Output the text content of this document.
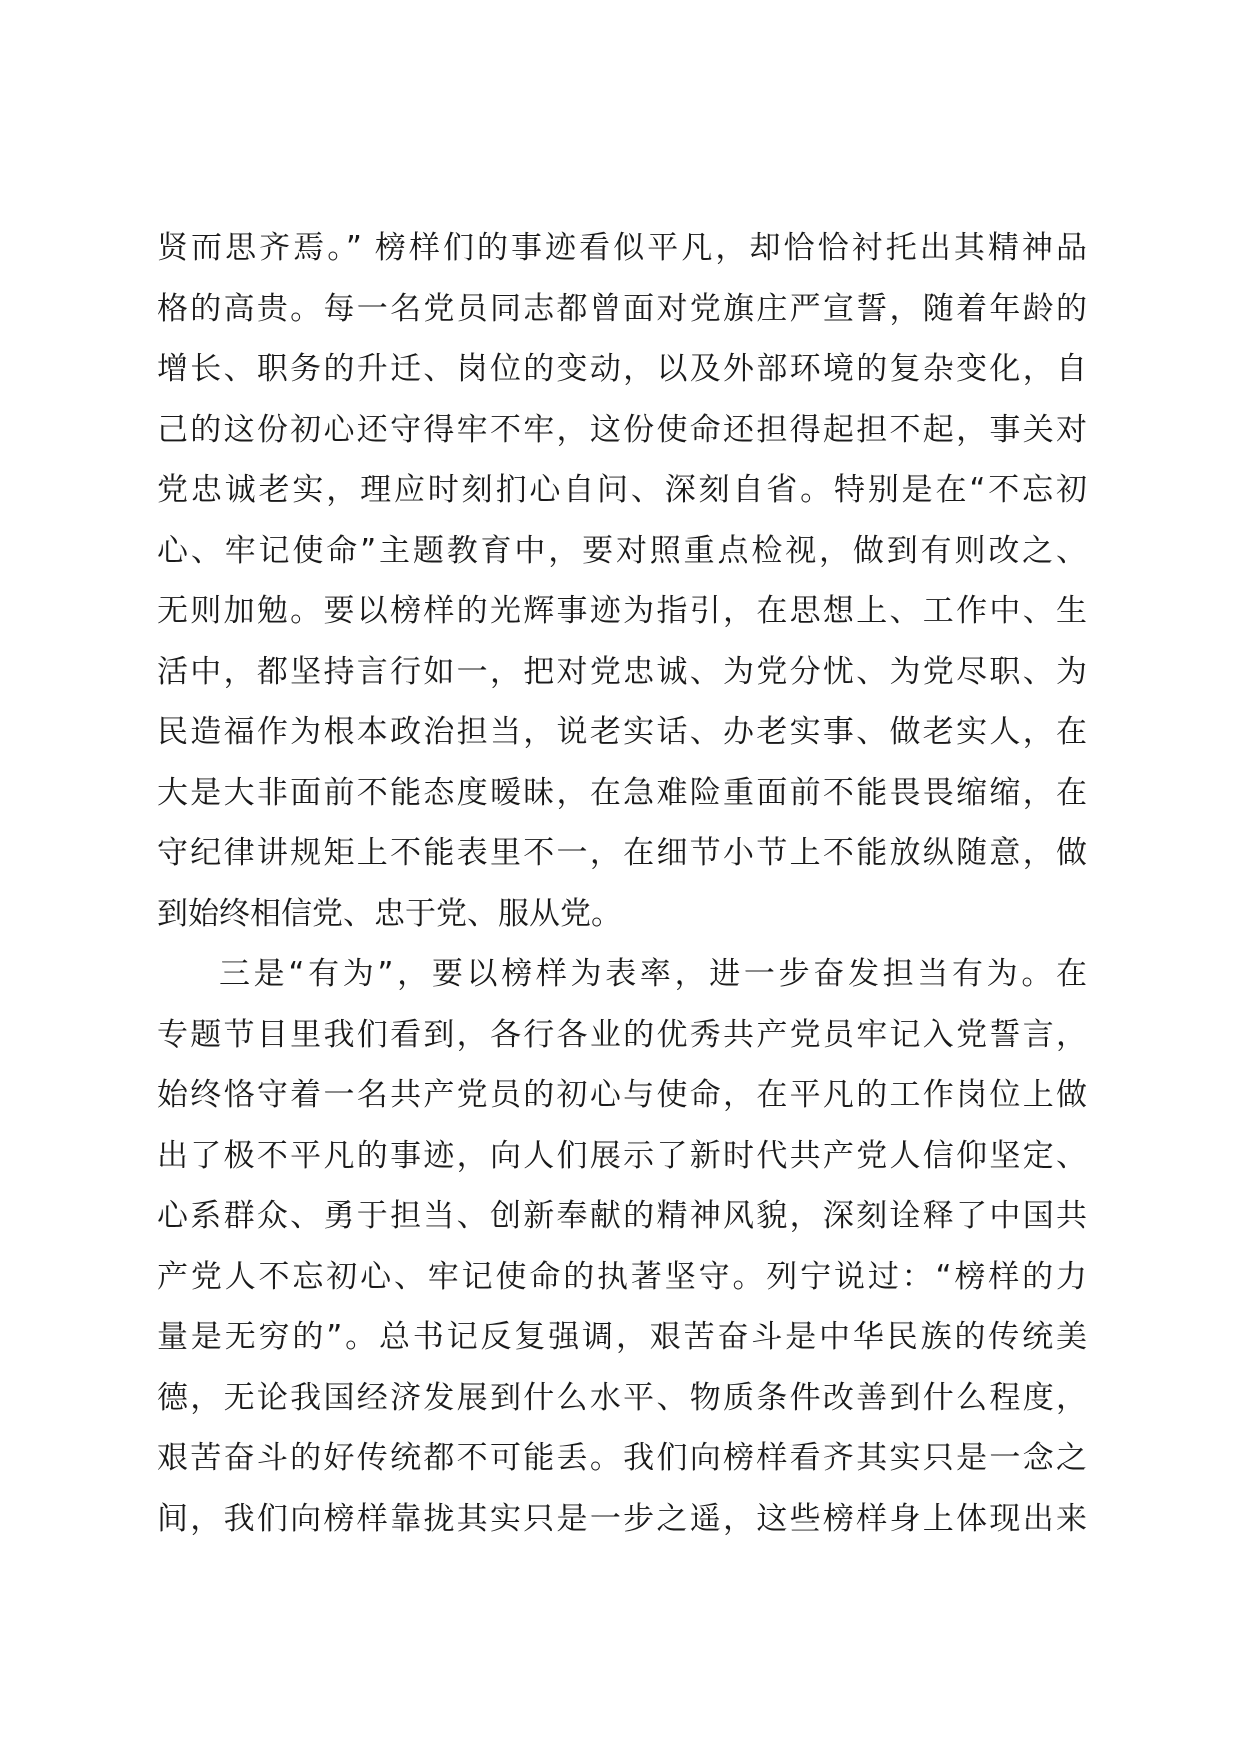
贤而思齐焉。” 榜样们的事迹看似平凡，却恰恰衬托出其精神品
格的高贵。每一名党员同志都曾面对党旗庄严宣誓，随着年龄的
增长、职务的升迁、岗位的变动，以及外部环境的复杂变化，自
己的这份初心还守得牢不牢，这份使命还担得起担不起，事关对
党忠诚老实，理应时刻扪心自问、深刻自省。特别是在“不忘初
心、牢记使命”主题教育中，要对照重点检视，做到有则改之、
无则加勉。要以榜样的光辉事迹为指引，在思想上、工作中、生
活中，都坚持言行如一，把对党忠诚、为党分忧、为党尽职、为
民造福作为根本政治担当，说老实话、办老实事、做老实人，在
大是大非面前不能态度暧昧，在急难险重面前不能畏畏缩缩，在
守纪律讲规矩上不能表里不一，在细节小节上不能放纵随意，做
到始终相信党、忠于党、服从党。
三是“有为”，要以榜样为表率，进一步奋发担当有为。在
专题节目里我们看到，各行各业的优秀共产党员牢记入党誓言，
始终恪守着一名共产党员的初心与使命，在平凡的工作岗位上做
出了极不平凡的事迹，向人们展示了新时代共产党人信仰坚定、
心系群众、勇于担当、创新奉献的精神风貌，深刻诠释了中国共
产党人不忘初心、牢记使命的执著坚守。列宁说过：“榜样的力
量是无穷的”。总书记反复强调，艰苦奋斗是中华民族的传统美
德，无论我国经济发展到什么水平、物质条件改善到什么程度，
艰苦奋斗的好传统都不可能丢。我们向榜样看齐其实只是一念之
间，我们向榜样靠拢其实只是一步之遥，这些榜样身上体现出来
